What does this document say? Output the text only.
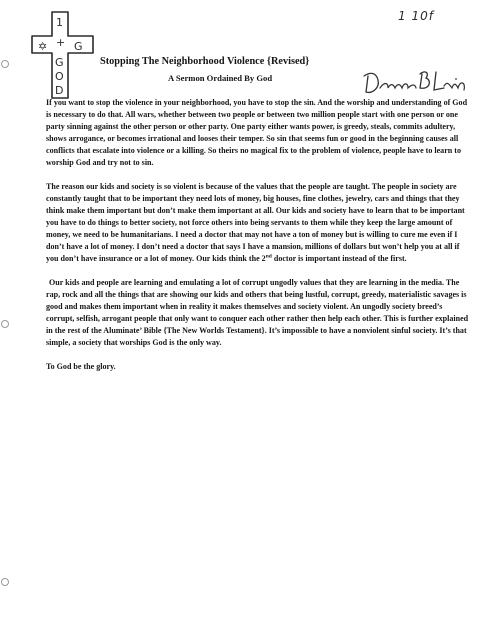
✡
1
G
+
G
O
D
1 10f
Stopping The Neighborhood Violence {Revised}
A Sermon Ordained By God

If you want to stop the violence in your neighborhood, you have to stop the sin. And the worship and understanding of God is necessary to do that. All wars, whether between two people or between two million people start with one person or one party sinning against the other person or other party. One party either wants power, is greedy, steals, commits adultery, shows arrogance, or becomes irrational and looses their temper. So sin that seems fun or good in the beginning causes all conflicts that escalate into violence or a killing. So theirs no magical fix to the problem of violence, people have to learn to worship God and try not to sin.

The reason our kids and society is so violent is because of the values that the people are taught. The people in society are constantly taught that to be important they need lots of money, big houses, fine clothes, jewelry, cars and things that they think make them important but don’t make them important at all. Our kids and society have to learn that to be important you have to do things to better society, not force others into being servants to them while they keep the large amount of money, we need to be humanitarians. I need a doctor that may not have a ton of money but is willing to cure me even if I don’t have a lot of money. I don’t need a doctor that says I have a mansion, millions of dollars but won’t help you at all if you don’t have insurance or a lot of money. Our kids think the 2nd doctor is important instead of the first.

Our kids and people are learning and emulating a lot of corrupt ungodly values that they are learning in the media. The rap, rock and all the things that are showing our kids and others that being lustful, corrupt, greedy, materialistic savages is good and makes them important when in reality it makes themselves and society violent. An ungodly society breed’s corrupt, selfish, arrogant people that only want to conquer each other rather then help each other. This is further explained in the rest of the Aluminate’ Bible {The New Worlds Testament}. It’s impossible to have a nonviolent sinful society. It’s that simple, a society that worships God is the only way.

To God be the glory.
